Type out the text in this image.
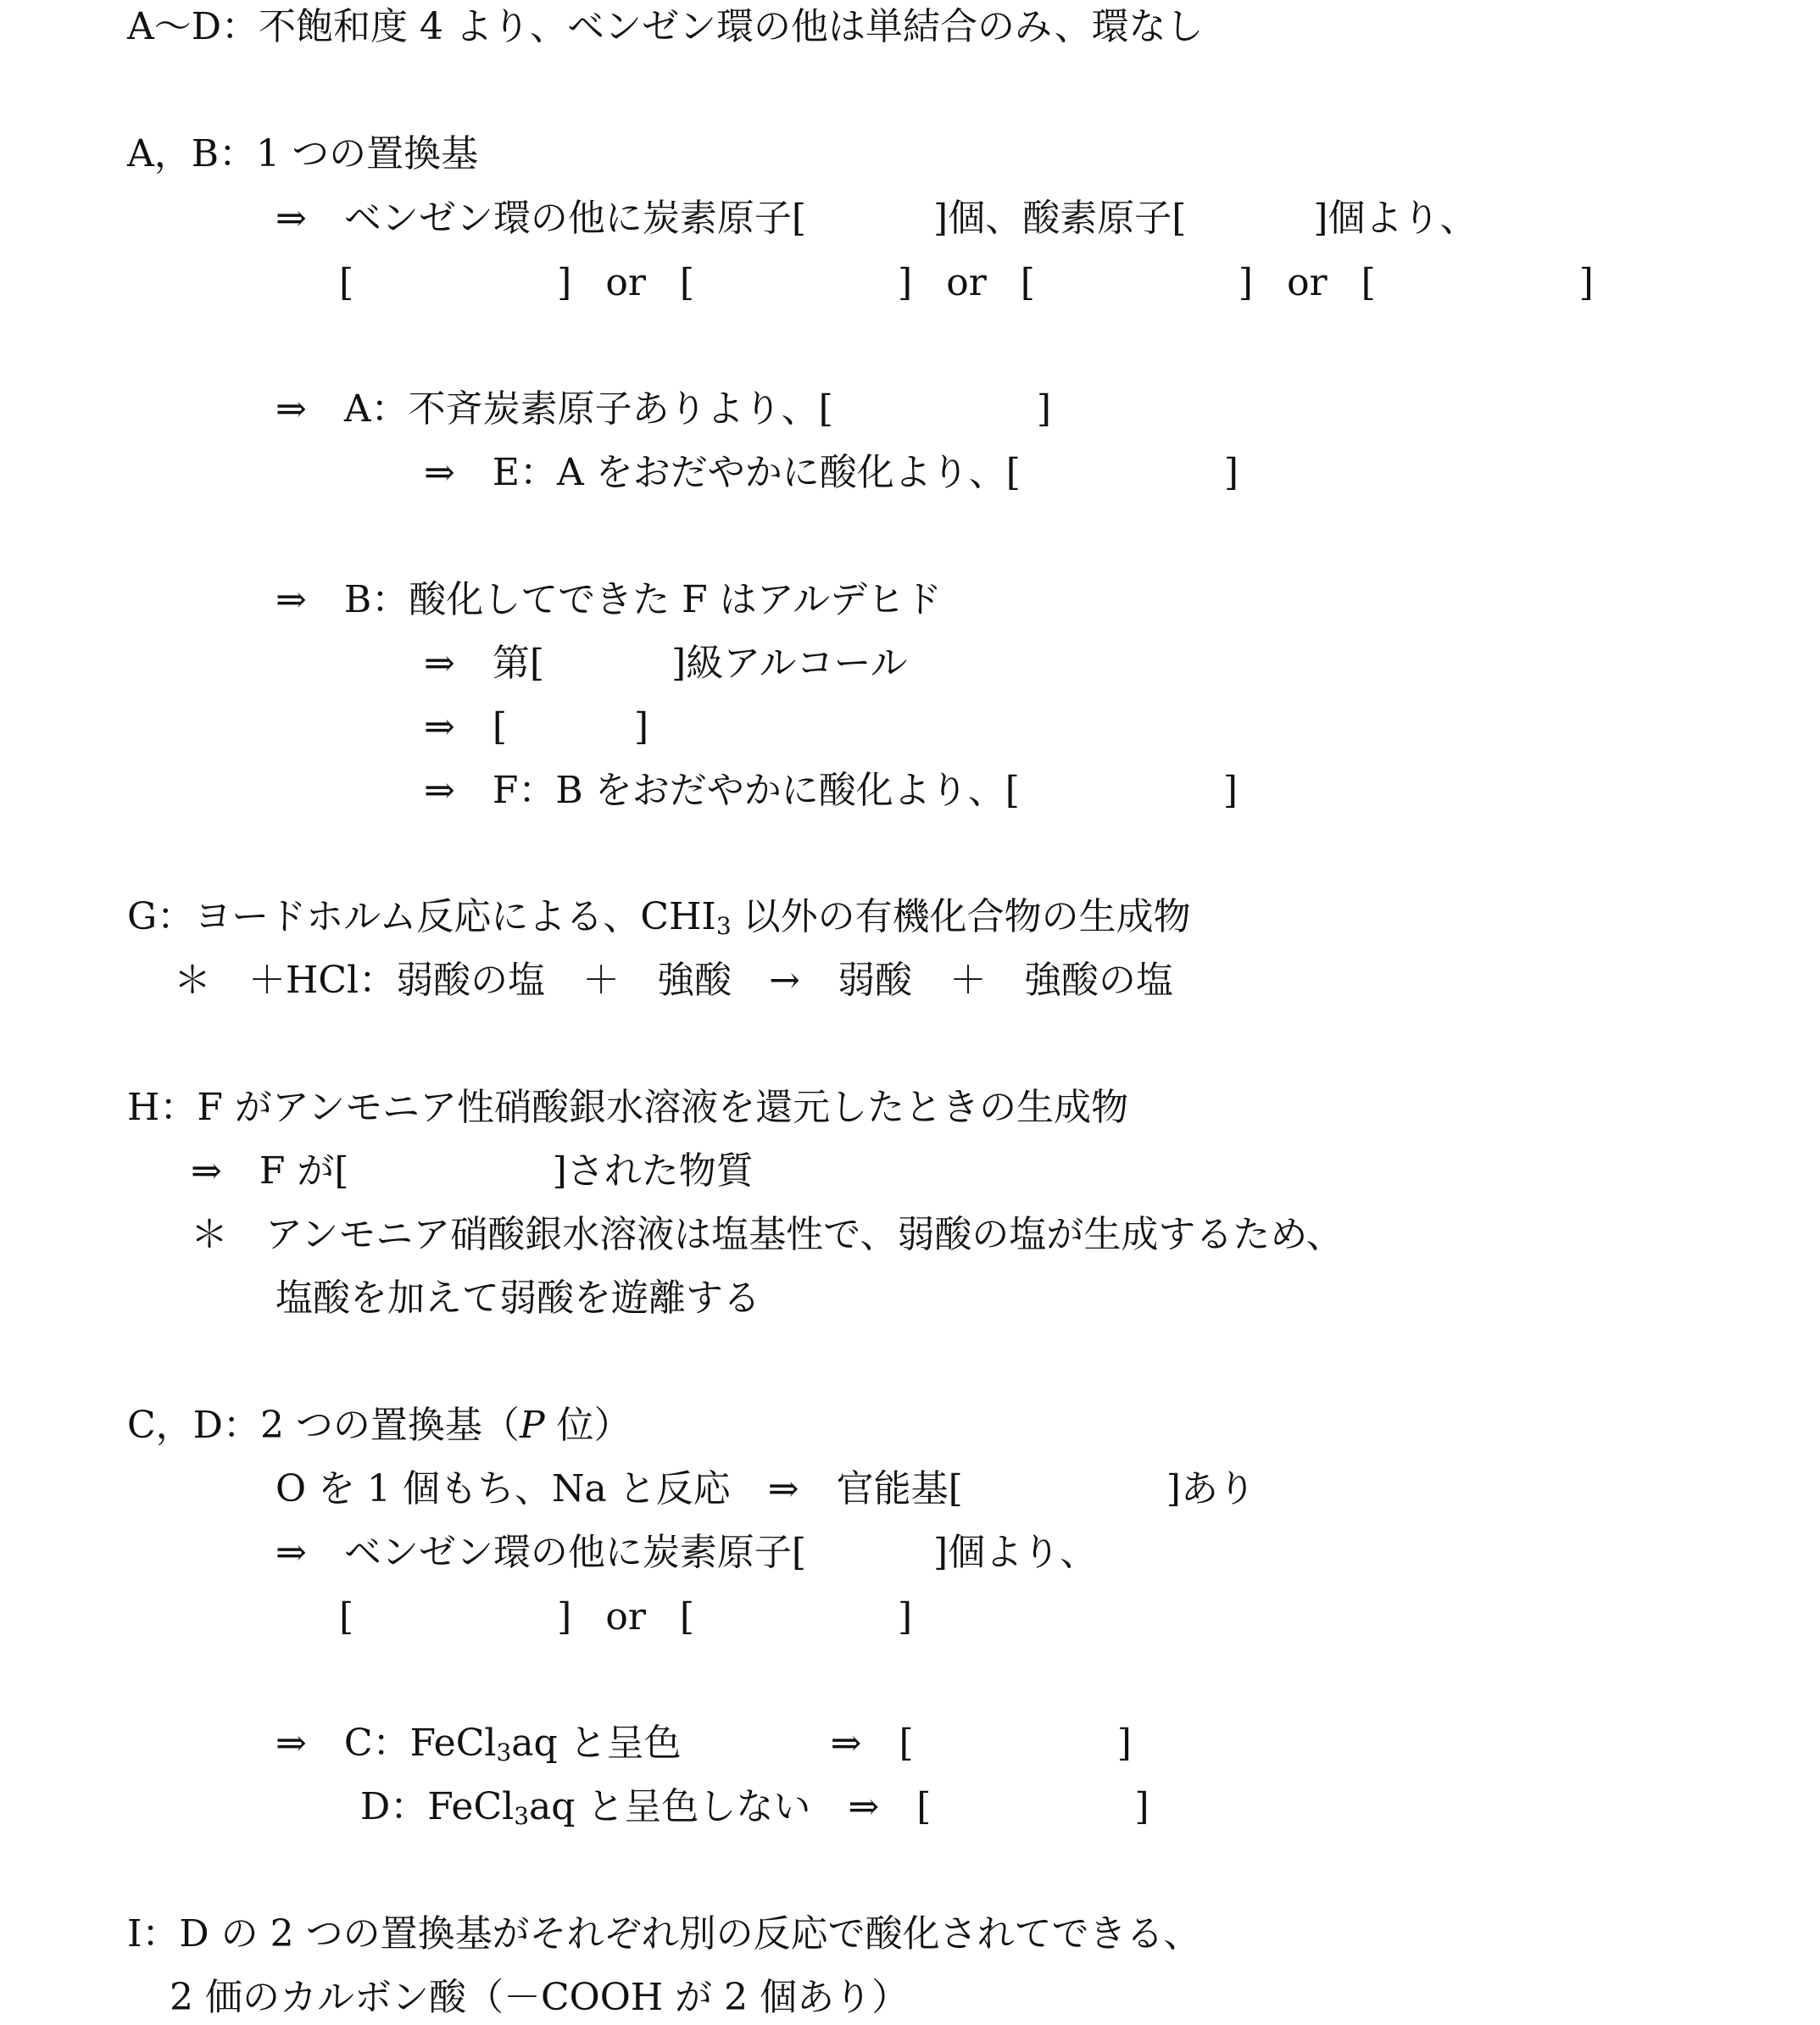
A～D：不飽和度 4 より、ベンゼン環の他は単結合のみ、環なし

A，B：1 つの置換基

⇒　ベンゼン環の他に炭素原子[	]個、酸素原子[	]個より、

[	] or [	] or [	] or [	]

⇒　A：不斉炭素原子ありより、[	]

⇒　E：A をおだやかに酸化より、[	]

⇒　B：酸化してできた F はアルデヒド

⇒　第[	]級アルコール

⇒　[	]

⇒　F：B をおだやかに酸化より、[	]

G：ヨードホルム反応による、$CHI_3$ 以外の有機化合物の生成物

＊　＋HCl：弱酸の塩　＋　強酸　→　弱酸　＋　強酸の塩

H：F がアンモニア性硝酸銀水溶液を還元したときの生成物

⇒　F が[	]された物質

＊　アンモニア硝酸銀水溶液は塩基性で、弱酸の塩が生成するため、

塩酸を加えて弱酸を遊離する

C，D：2 つの置換基（P 位）

O を 1 個もち、Na と反応　⇒　官能基[	]あり

⇒　ベンゼン環の他に炭素原子[	]個より、

[	] or [	]

⇒　C：FeCl$_3$aq と呈色　　　　⇒　[	]

D：FeCl$_3$aq と呈色しない　⇒　[	]

I：D の 2 つの置換基がそれぞれ別の反応で酸化されてできる、

2 価のカルボン酸（－COOH が 2 個あり）
